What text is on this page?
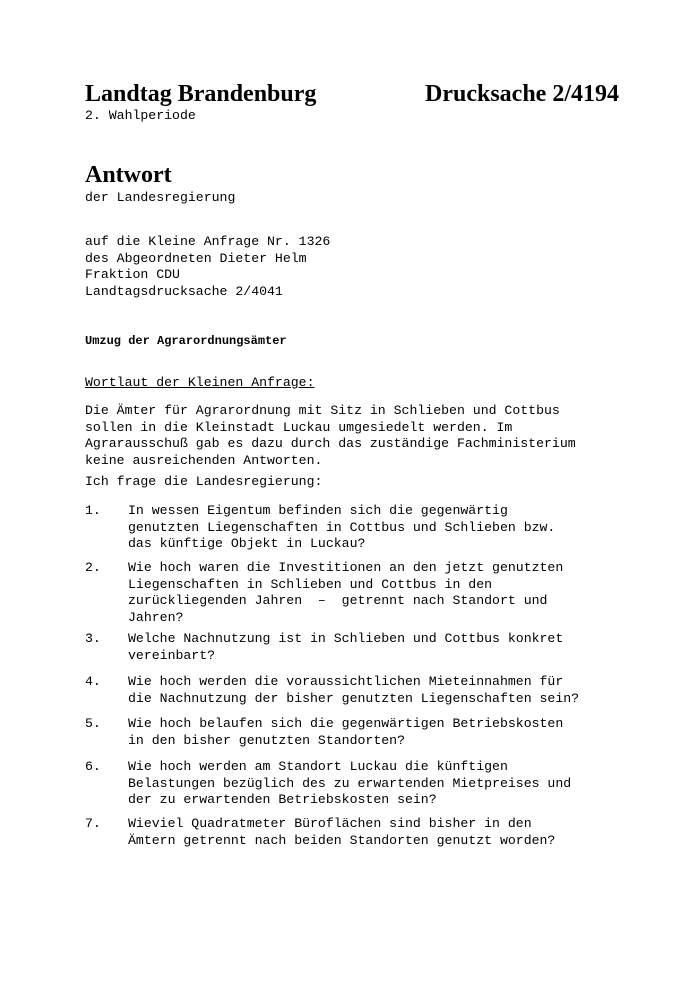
Landtag Brandenburg	Drucksache 2/4194
2. Wahlperiode
Antwort
der Landesregierung
auf die Kleine Anfrage Nr. 1326
des Abgeordneten Dieter Helm
Fraktion CDU
Landtagsdrucksache 2/4041
Umzug der Agrarordnungsämter
Wortlaut der Kleinen Anfrage:
Die Ämter für Agrarordnung mit Sitz in Schlieben und Cottbus
sollen in die Kleinstadt Luckau umgesiedelt werden. Im
Agrarausschuß gab es dazu durch das zuständige Fachministerium
keine ausreichenden Antworten.
Ich frage die Landesregierung:
1. In wessen Eigentum befinden sich die gegenwärtig
genutzten Liegenschaften in Cottbus und Schlieben bzw.
das künftige Objekt in Luckau?
2. Wie hoch waren die Investitionen an den jetzt genutzten
Liegenschaften in Schlieben und Cottbus in den
zurückliegenden Jahren  –  getrennt nach Standort und
Jahren?
3. Welche Nachnutzung ist in Schlieben und Cottbus konkret
vereinbart?
4. Wie hoch werden die voraussichtlichen Mieteinnahmen für
die Nachnutzung der bisher genutzten Liegenschaften sein?
5. Wie hoch belaufen sich die gegenwärtigen Betriebskosten
in den bisher genutzten Standorten?
6. Wie hoch werden am Standort Luckau die künftigen
Belastungen bezüglich des zu erwartenden Mietpreises und
der zu erwartenden Betriebskosten sein?
7. Wieviel Quadratmeter Büroflächen sind bisher in den
Ämtern getrennt nach beiden Standorten genutzt worden?
